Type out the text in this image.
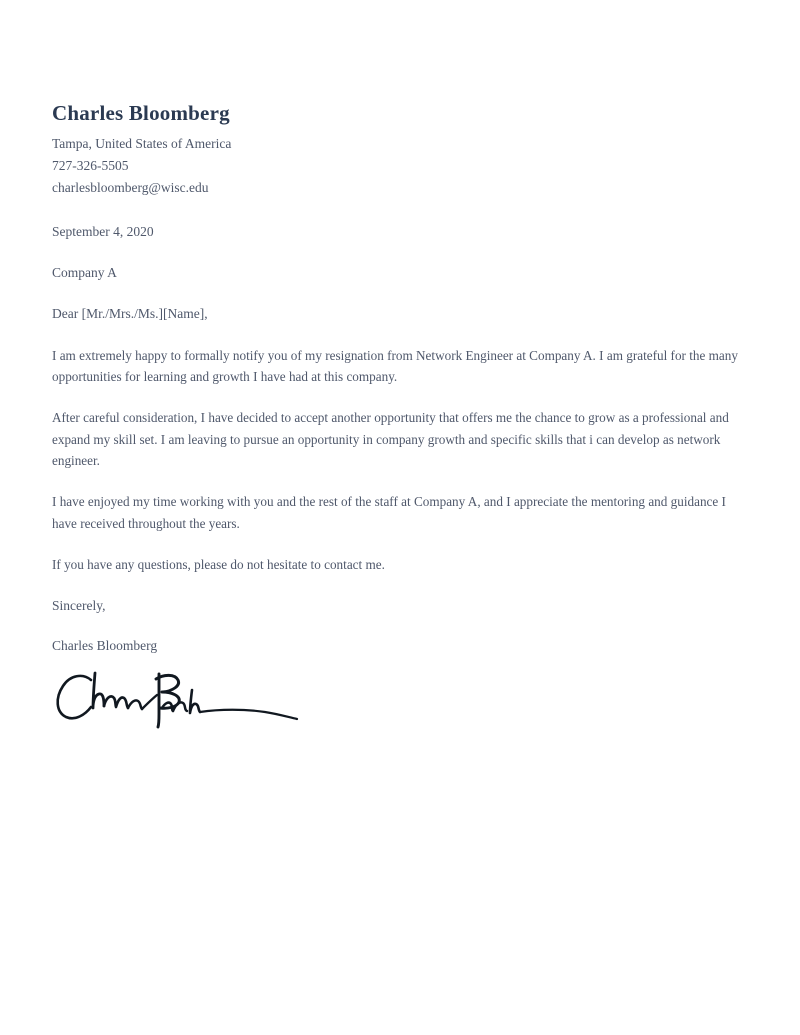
Charles Bloomberg

Tampa, United States of America

727-326-5505

charlesbloomberg@wisc.edu

September 4, 2020

Company A

Dear [Mr./Mrs./Ms.][Name],

I am extremely happy to formally notify you of my resignation from Network Engineer at Company A. I am grateful for the many opportunities for learning and growth I have had at this company.

After careful consideration, I have decided to accept another opportunity that offers me the chance to grow as a professional and expand my skill set. I am leaving to pursue an opportunity in company growth and specific skills that i can develop as network engineer.

I have enjoyed my time working with you and the rest of the staff at Company A, and I appreciate the mentoring and guidance I have received throughout the years.

If you have any questions, please do not hesitate to contact me.

Sincerely,

Charles Bloomberg
